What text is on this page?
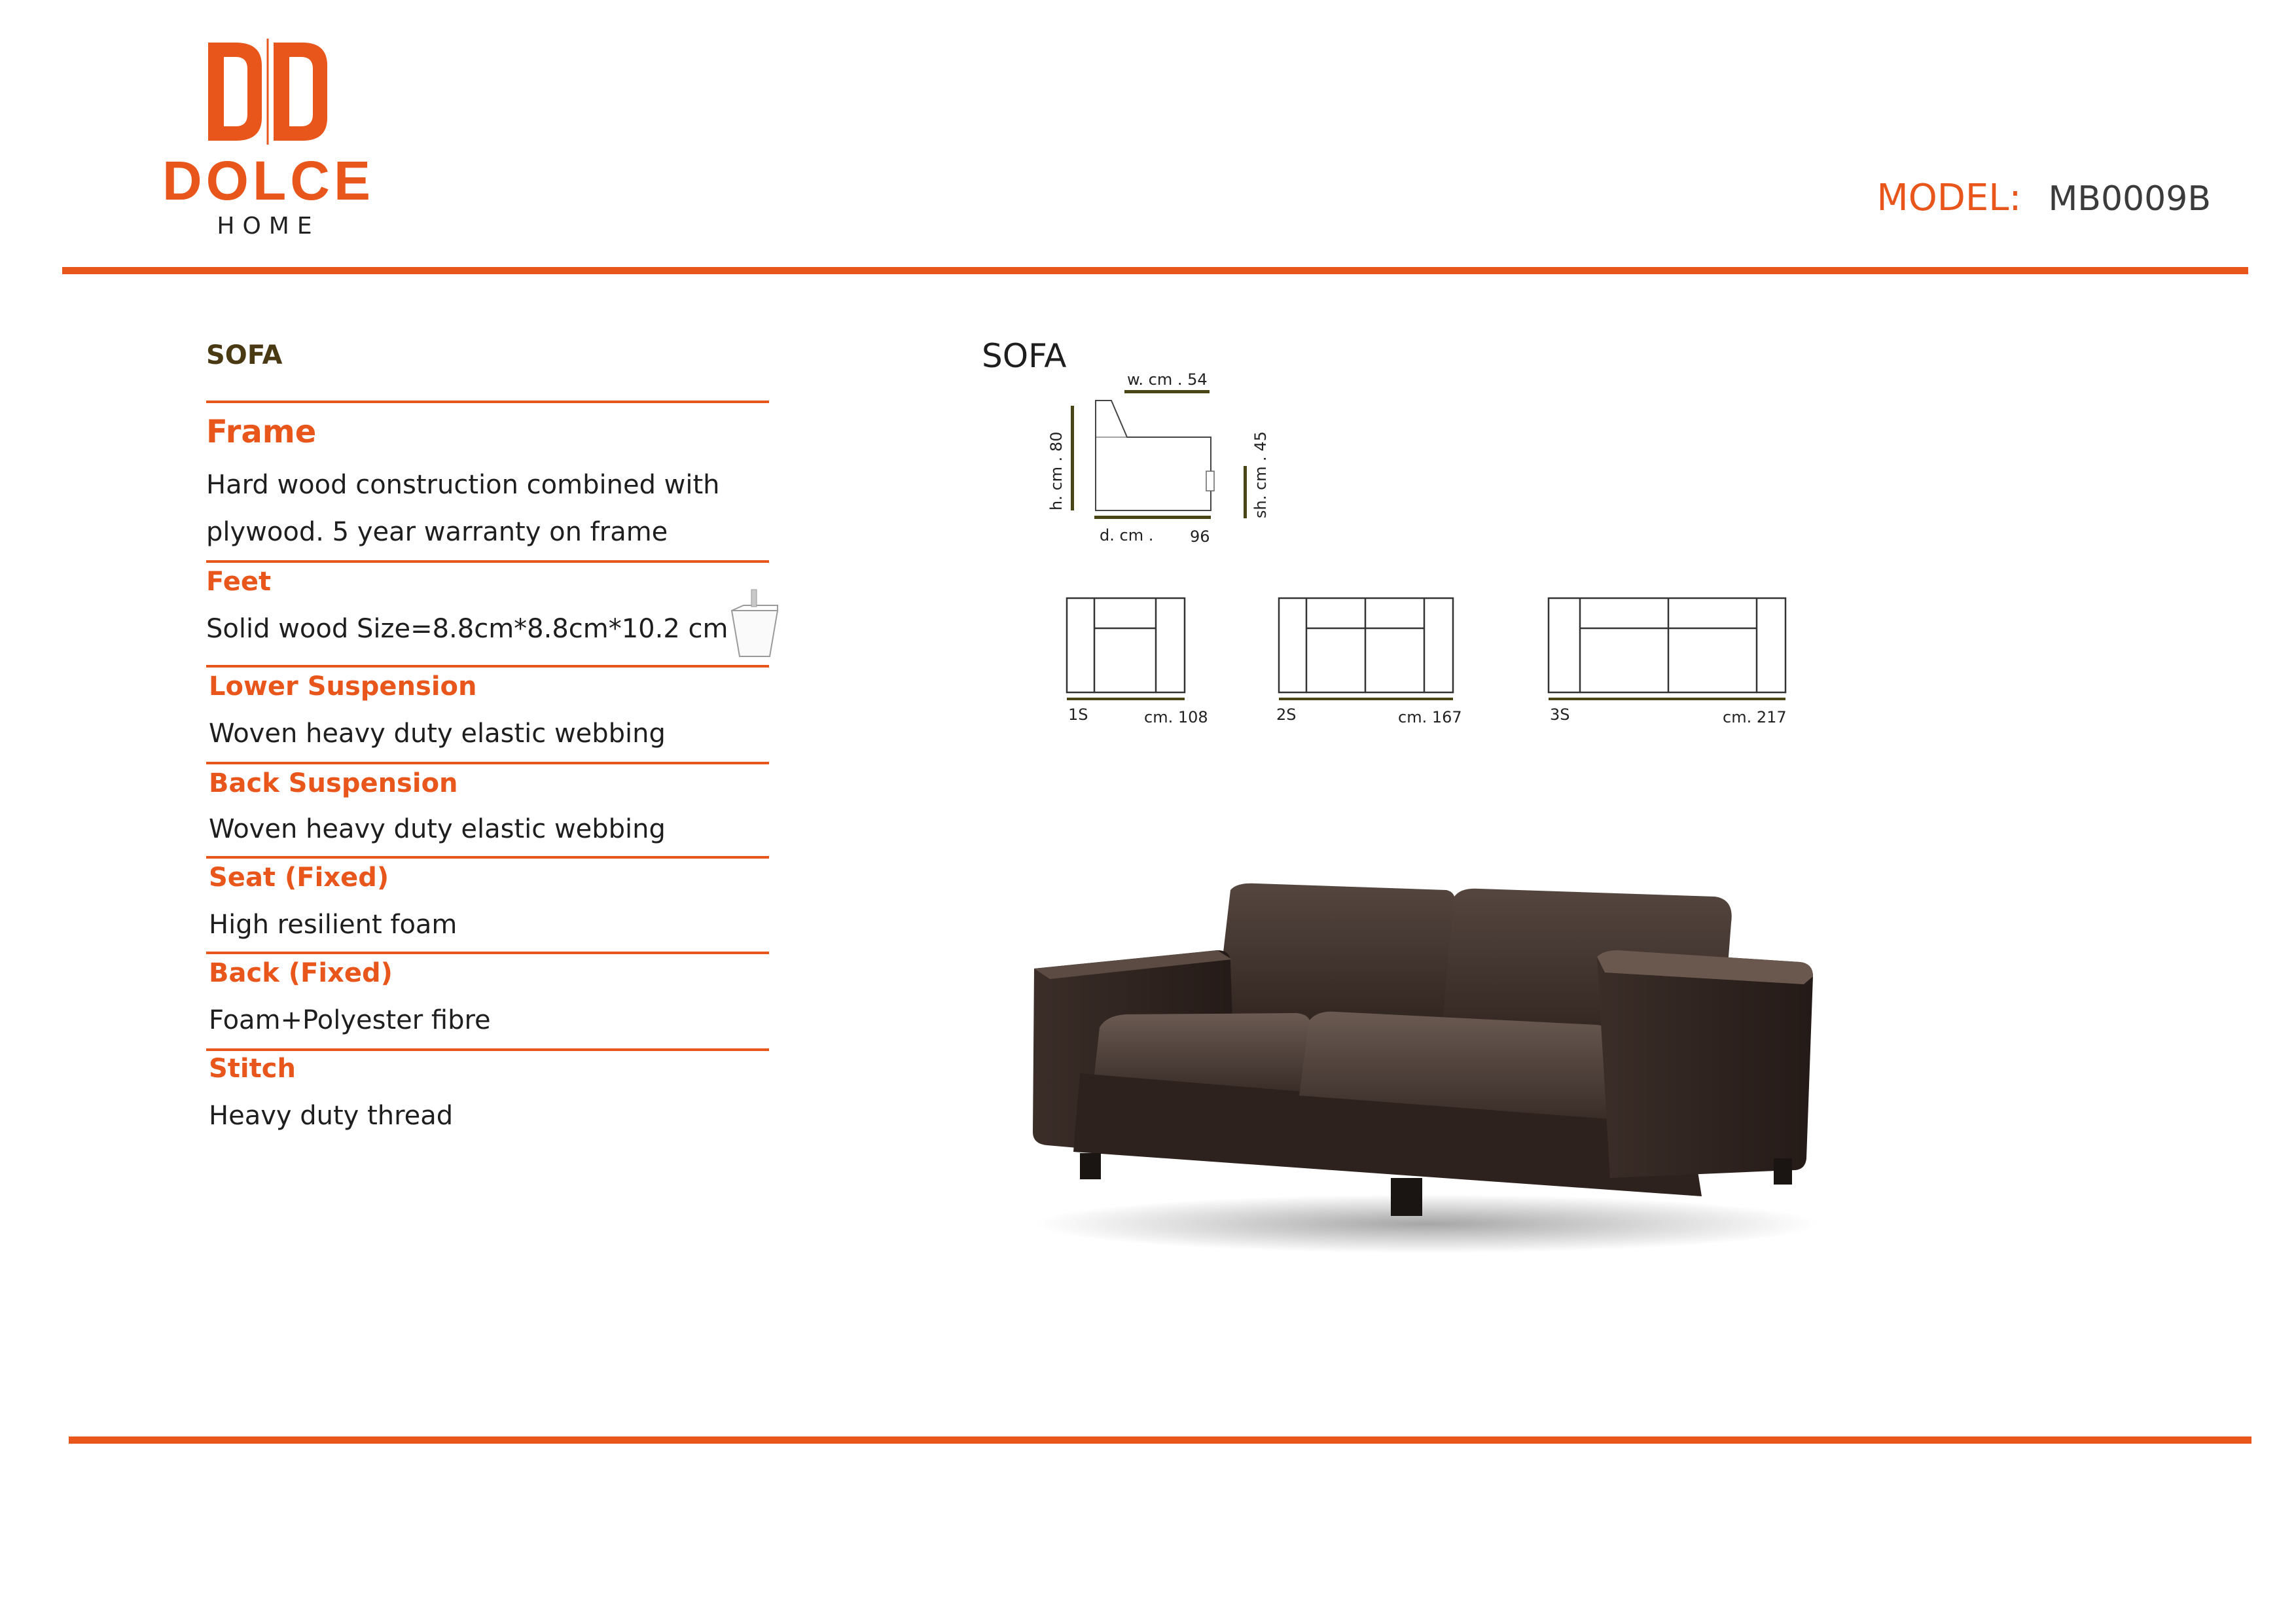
DOLCE
HOME
MODEL: MB0009B
SOFA
Frame
Hard wood construction combined with
plywood. 5 year warranty on frame
Feet
Solid wood Size=8.8cm*8.8cm*10.2 cm
Lower Suspension
Woven heavy duty elastic webbing
Back Suspension
Woven heavy duty elastic webbing
Seat (Fixed)
High resilient foam
Back (Fixed)
Foam+Polyester fibre
Stitch
Heavy duty thread
SOFA
w. cm . 54
h. cm . 80
d. cm . 96
sh. cm . 45
1S	cm. 108	2S	cm. 167	3S	cm. 217
